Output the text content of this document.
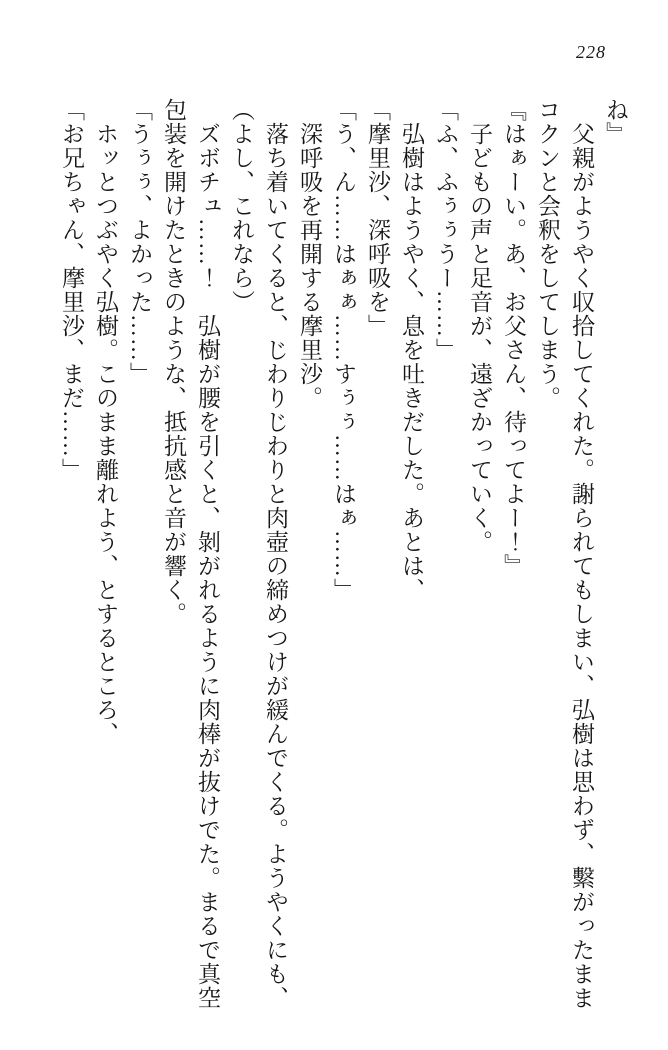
228

ね』

　父親がようやく収拾してくれた。謝られてもしまい、弘樹は思わず、繫がったまま

コクンと会釈をしてしまう。

『はぁーい。あ、お父さん、待ってよー！』

　子どもの声と足音が、遠ざかっていく。

「ふ、ふぅぅうー……」

　弘樹はようやく、息を吐きだした。あとは、

「摩里沙、深呼吸を」

「う、ん……はぁぁ……すぅぅ……はぁ……」

　深呼吸を再開する摩里沙。

　落ち着いてくると、じわりじわりと肉壺の締めつけが緩んでくる。ようやくにも、

（よし、これなら）

　ズボチュ……！　弘樹が腰を引くと、剝がれるように肉棒が抜けでた。まるで真空

包装を開けたときのような、抵抗感と音が響く。

「うぅぅ、よかった……」

　ホッとつぶやく弘樹。このまま離れよう、とするところ、

「お兄ちゃん、摩里沙、まだ……」
